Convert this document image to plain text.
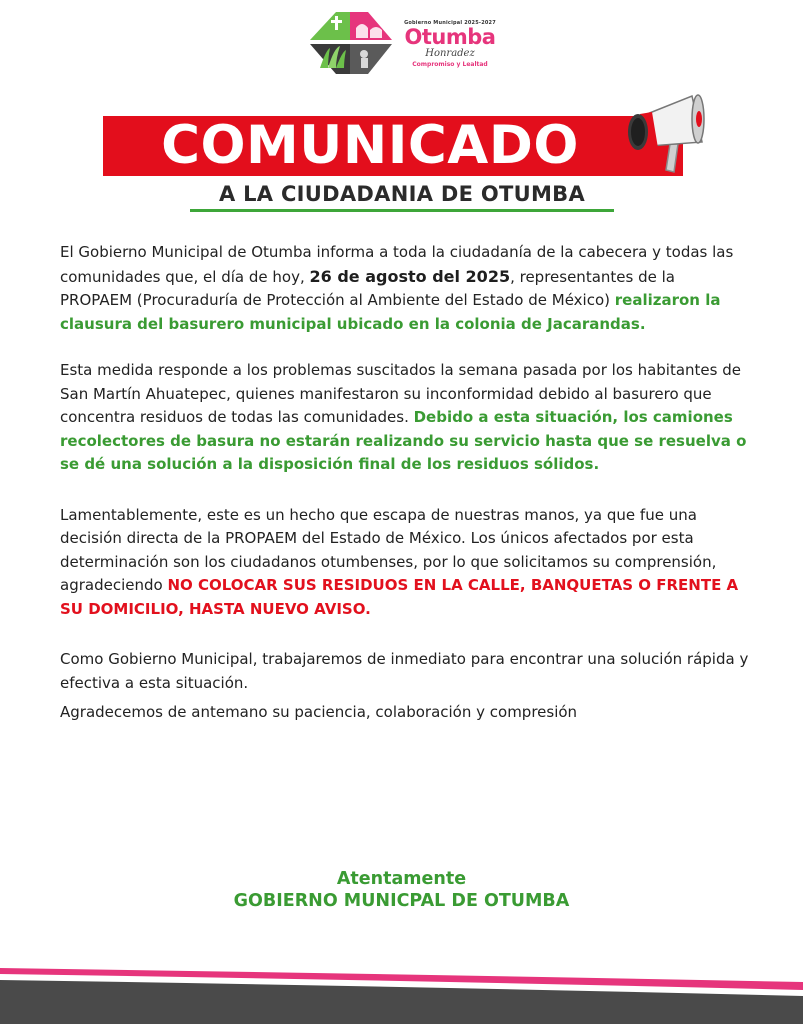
Gobierno Municipal 2025-2027
Otumba
Honradez
Compromiso y Lealtad
COMUNICADO
A LA CIUDADANIA DE OTUMBA

El Gobierno Municipal de Otumba informa a toda la ciudadanía de la cabecera y todas las comunidades que, el día de hoy, 26 de agosto del 2025, representantes de la PROPAEM (Procuraduría de Protección al Ambiente del Estado de México) realizaron la clausura del basurero municipal ubicado en la colonia de Jacarandas.

Esta medida responde a los problemas suscitados la semana pasada por los habitantes de San Martín Ahuatepec, quienes manifestaron su inconformidad debido al basurero que concentra residuos de todas las comunidades. Debido a esta situación, los camiones recolectores de basura no estarán realizando su servicio hasta que se resuelva o se dé una solución a la disposición final de los residuos sólidos.

Lamentablemente, este es un hecho que escapa de nuestras manos, ya que fue una decisión directa de la PROPAEM del Estado de México. Los únicos afectados por esta determinación son los ciudadanos otumbenses, por lo que solicitamos su comprensión, agradeciendo NO COLOCAR SUS RESIDUOS EN LA CALLE, BANQUETAS O FRENTE A SU DOMICILIO, HASTA NUEVO AVISO.

Como Gobierno Municipal, trabajaremos de inmediato para encontrar una solución rápida y efectiva a esta situación.

Agradecemos de antemano su paciencia, colaboración y compresión

Atentamente
GOBIERNO MUNICPAL DE OTUMBA
